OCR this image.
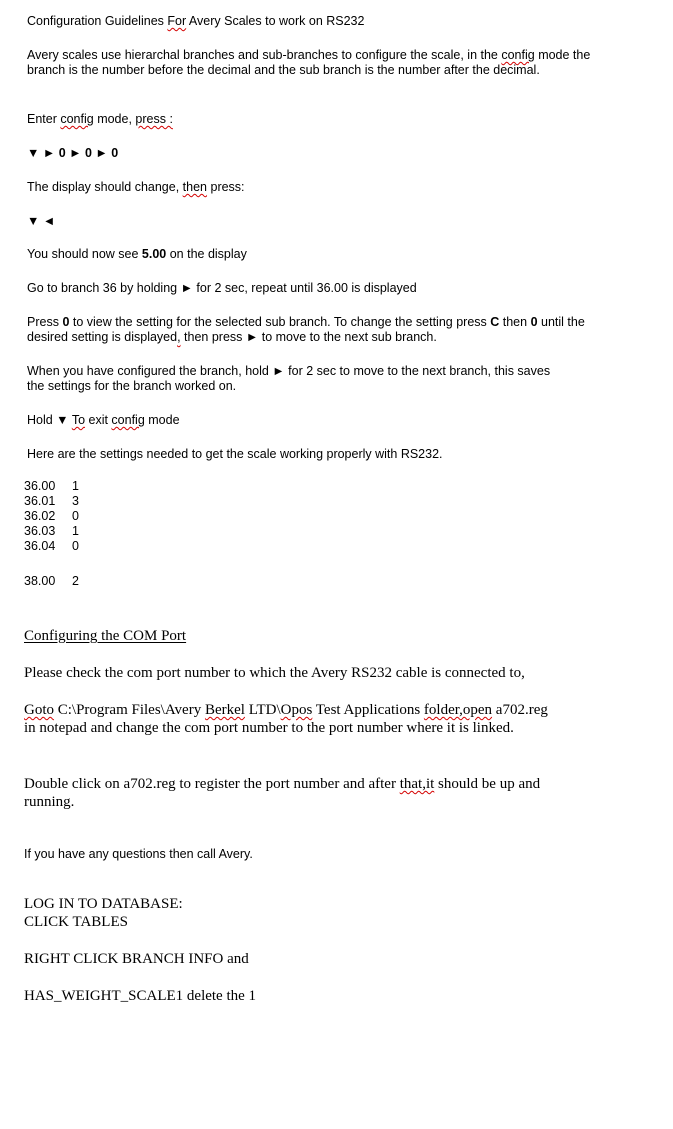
Configuration Guidelines For Avery Scales to work on RS232

Avery scales use hierarchal branches and sub-branches to configure the scale, in the config mode the branch is the number before the decimal and the sub branch is the number after the decimal.

Enter config mode, press :

▼ ► 0 ► 0 ► 0

The display should change, then press:

▼ ◄

You should now see 5.00 on the display

Go to branch 36 by holding ► for 2 sec, repeat until 36.00 is displayed

Press 0 to view the setting for the selected sub branch. To change the setting press C then 0 until the desired setting is displayed, then press ► to move to the next sub branch.

When you have configured the branch, hold ► for 2 sec to move to the next branch, this saves the settings for the branch worked on.

Hold ▼ To exit config mode

Here are the settings needed to get the scale working properly with RS232.

36.00 1
36.01 3
36.02 0
36.03 1
36.04 0
38.00 2

Configuring the COM Port

Please check the com port number to which the Avery RS232 cable is connected to,

Goto C:\Program Files\Avery Berkel LTD\Opos Test Applications folder,open a702.reg in notepad and change the com port number to the port number where it is linked.

Double click on a702.reg to register the port number and after that,it should be up and running.

If you have any questions then call Avery.

LOG IN TO DATABASE:

CLICK TABLES

RIGHT CLICK BRANCH INFO and

HAS_WEIGHT_SCALE1 delete the 1
